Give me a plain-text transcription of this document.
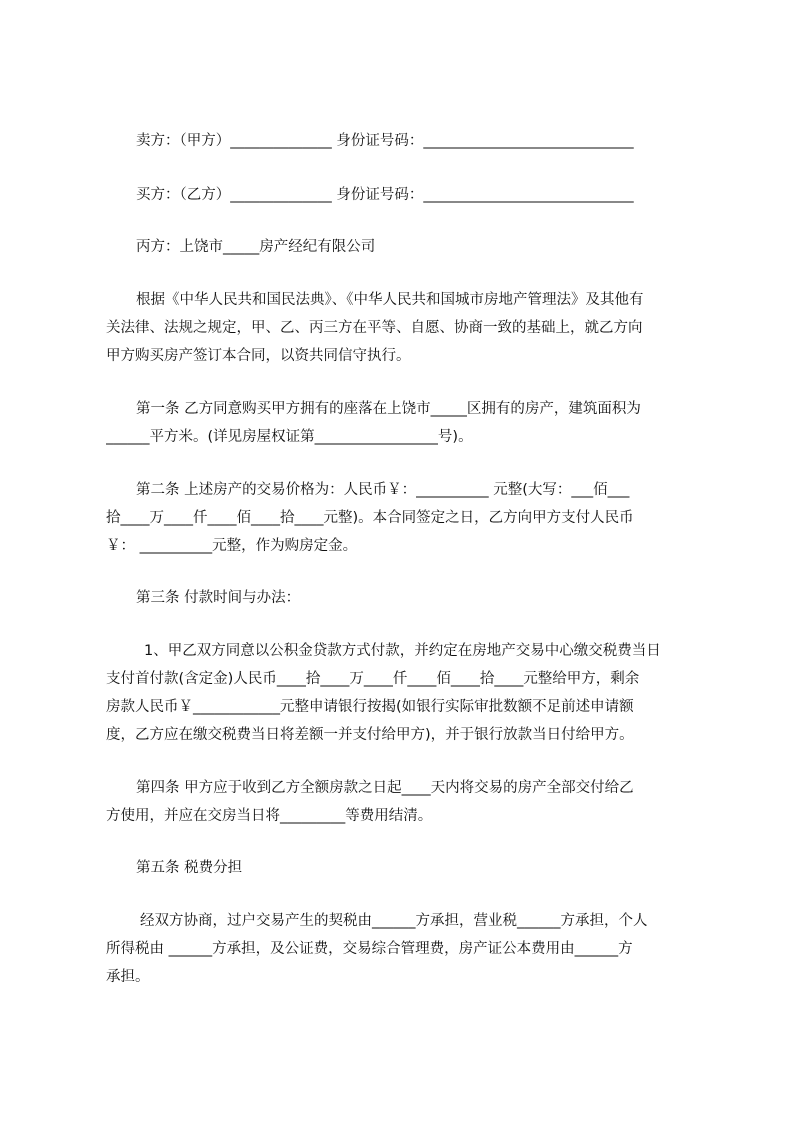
卖方：（甲方）______________ 身份证号码：_____________________________
买方：（乙方）______________ 身份证号码：_____________________________
丙方：上饶市_____房产经纪有限公司
根据《中华人民共和国民法典》、《中华人民共和国城市房地产管理法》及其他有
关法律、法规之规定，甲、乙、丙三方在平等、自愿、协商一致的基础上，就乙方向
甲方购买房产签订本合同，以资共同信守执行。
第一条 乙方同意购买甲方拥有的座落在上饶市_____区拥有的房产，建筑面积为
______平方米。(详见房屋权证第_________________号)。
第二条 上述房产的交易价格为：人民币￥：__________ 元整(大写：___佰___
拾____万____仟____佰____拾____元整)。本合同签定之日，乙方向甲方支付人民币
￥： __________元整，作为购房定金。
第三条 付款时间与办法：
1、甲乙双方同意以公积金贷款方式付款，并约定在房地产交易中心缴交税费当日
支付首付款(含定金)人民币____拾____万____仟____佰____拾____元整给甲方，剩余
房款人民币￥____________元整申请银行按揭(如银行实际审批数额不足前述申请额
度，乙方应在缴交税费当日将差额一并支付给甲方)，并于银行放款当日付给甲方。
第四条 甲方应于收到乙方全额房款之日起____天内将交易的房产全部交付给乙
方使用，并应在交房当日将_________等费用结清。
第五条 税费分担
经双方协商，过户交易产生的契税由______方承担，营业税______方承担，个人
所得税由 ______方承担，及公证费，交易综合管理费，房产证公本费用由______方
承担。
